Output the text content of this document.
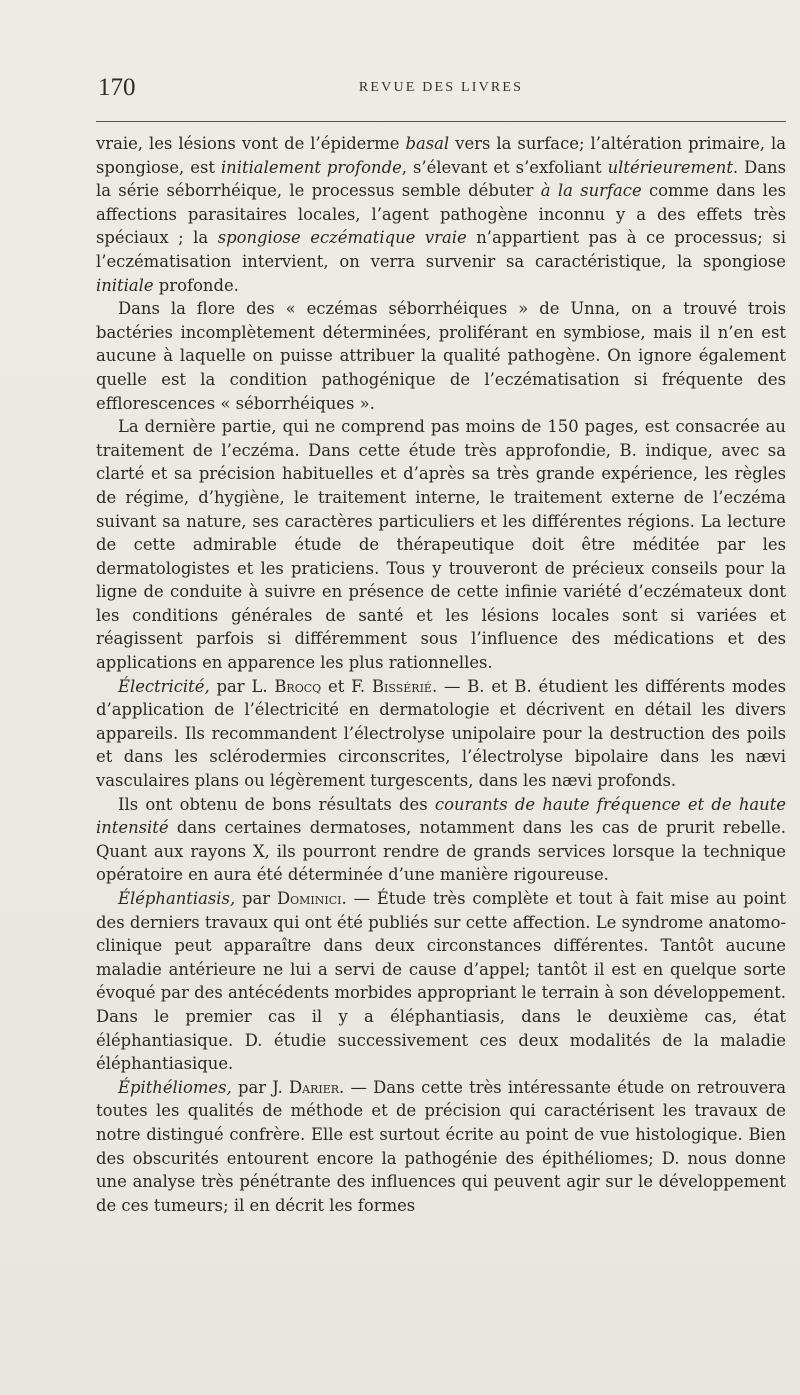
170	REVUE DES LIVRES

vraie, les lésions vont de l’épiderme basal vers la surface; l’altération primaire, la spongiose, est initialement profonde, s’élevant et s’exfoliant ultérieurement. Dans la série séborrhéique, le processus semble débuter à la surface comme dans les affections parasitaires locales, l’agent pathogène inconnu y a des effets très spéciaux ; la spongiose eczématique vraie n’appartient pas à ce processus; si l’eczématisation intervient, on verra survenir sa caractéristique, la spongiose initiale profonde.

Dans la flore des « eczémas séborrhéiques » de Unna, on a trouvé trois bactéries incomplètement déterminées, proliférant en symbiose, mais il n’en est aucune à laquelle on puisse attribuer la qualité pathogène. On ignore également quelle est la condition pathogénique de l’eczématisation si fréquente des efflorescences « séborrhéiques ».

La dernière partie, qui ne comprend pas moins de 150 pages, est consacrée au traitement de l’eczéma. Dans cette étude très approfondie, B. indique, avec sa clarté et sa précision habituelles et d’après sa très grande expérience, les règles de régime, d’hygiène, le traitement interne, le traitement externe de l’eczéma suivant sa nature, ses caractères particuliers et les différentes régions. La lecture de cette admirable étude de thérapeutique doit être méditée par les dermatologistes et les praticiens. Tous y trouveront de précieux conseils pour la ligne de conduite à suivre en présence de cette infinie variété d’eczémateux dont les conditions générales de santé et les lésions locales sont si variées et réagissent parfois si différemment sous l’influence des médications et des applications en apparence les plus rationnelles.

Électricité, par L. Brocq et F. Bissérié. — B. et B. étudient les différents modes d’application de l’électricité en dermatologie et décrivent en détail les divers appareils. Ils recommandent l’électrolyse unipolaire pour la destruction des poils et dans les sclérodermies circonscrites, l’électrolyse bipolaire dans les nævi vasculaires plans ou légèrement turgescents, dans les nævi profonds.

Ils ont obtenu de bons résultats des courants de haute fréquence et de haute intensité dans certaines dermatoses, notamment dans les cas de prurit rebelle. Quant aux rayons X, ils pourront rendre de grands services lorsque la technique opératoire en aura été déterminée d’une manière rigoureuse.

Éléphantiasis, par Dominici. — Étude très complète et tout à fait mise au point des derniers travaux qui ont été publiés sur cette affection. Le syndrome anatomo-clinique peut apparaître dans deux circonstances différentes. Tantôt aucune maladie antérieure ne lui a servi de cause d’appel; tantôt il est en quelque sorte évoqué par des antécédents morbides appropriant le terrain à son développement. Dans le premier cas il y a éléphantiasis, dans le deuxième cas, état éléphantiasique. D. étudie successivement ces deux modalités de la maladie éléphantiasique.

Épithéliomes, par J. Darier. — Dans cette très intéressante étude on retrouvera toutes les qualités de méthode et de précision qui caractérisent les travaux de notre distingué confrère. Elle est surtout écrite au point de vue histologique. Bien des obscurités entourent encore la pathogénie des épithéliomes; D. nous donne une analyse très pénétrante des influences qui peuvent agir sur le développement de ces tumeurs; il en décrit les formes
